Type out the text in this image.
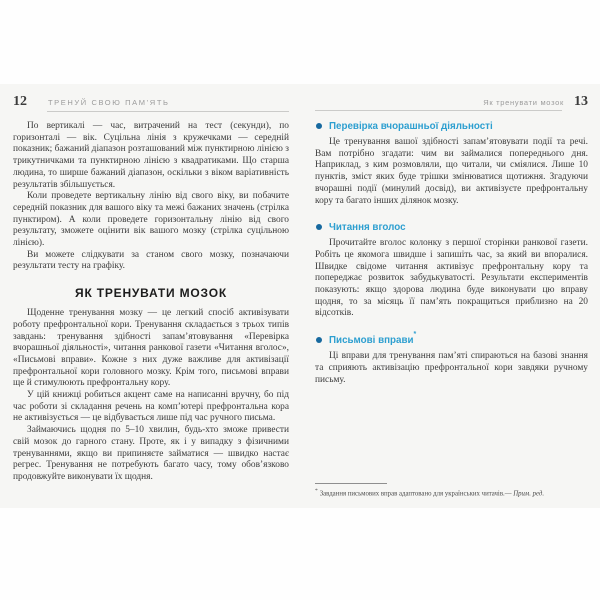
12	ТРЕНУЙ СВОЮ ПАМ’ЯТЬ

По вертикалі — час, витрачений на тест (секунди), по горизонталі — вік. Суцільна лінія з кружечками — середній показник; бажаний діапазон розташований між пунктирною лінією з трикутничками та пунктирною лінією з квадратиками. Що старша людина, то ширше бажаний діапазон, оскільки з віком варіативність результатів збільшується.

Коли проведете вертикальну лінію від свого віку, ви побачите середній показник для вашого віку та межі бажаних значень (стрілка пунктиром). А коли проведете горизонтальну лінію від свого результату, зможете оцінити вік вашого мозку (стрілка суцільною лінією).

Ви можете слідкувати за станом свого мозку, позначаючи результати тесту на графіку.

ЯК ТРЕНУВАТИ МОЗОК

Щоденне тренування мозку — це легкий спосіб активізувати роботу префронтальної кори. Тренування складається з трьох типів завдань: тренування здібності запам’ятовування «Перевірка вчорашньої діяльності», читання ранкової газети «Читання вголос», «Письмові вправи». Кожне з них дуже важливе для активізації префронтальної кори головного мозку. Крім того, письмові вправи ще й стимулюють префронтальну кору.

У цій книжці робиться акцент саме на написанні вручну, бо під час роботи зі складання речень на комп’ютері префронтальна кора не активізується — це відбувається лише під час ручного письма.

Займаючись щодня по 5–10 хвилин, будь-хто зможе привести свій мозок до гарного стану. Проте, як і у випадку з фізичними тренуваннями, якщо ви припиняєте займатися — швидко настає регрес. Тренування не потребують багато часу, тому обов’язково продовжуйте виконувати їх щодня.

Як тренувати мозок 13
Перевірка вчорашньої діяльності

Це тренування вашої здібності запам’ятовувати події та речі. Вам потрібно згадати: чим ви займалися попереднього дня. Наприклад, з ким розмовляли, що читали, чи сміялися. Лише 10 пунктів, зміст яких буде трішки змінюватися щотижня. Згадуючи вчорашні події (минулий досвід), ви активізуєте префронтальну кору та багато інших ділянок мозку.

Читання вголос

Прочитайте вголос колонку з першої сторінки ранкової газети. Робіть це якомога швидше і запишіть час, за який ви впоралися. Швидке свідоме читання активізує префронтальну кору та попереджає розвиток забудькуватості. Результати експериментів показують: якщо здорова людина буде виконувати цю вправу щодня, то за місяць її пам’ять покращиться приблизно на 20 відсотків.

Письмові вправи
*

Ці вправи для тренування пам’яті спираються на базові знання та сприяють активізацію префронтальної кори завдяки ручному письму.

* Завдання письмових вправ адаптовано для українських читачів.— Прим. ред.
